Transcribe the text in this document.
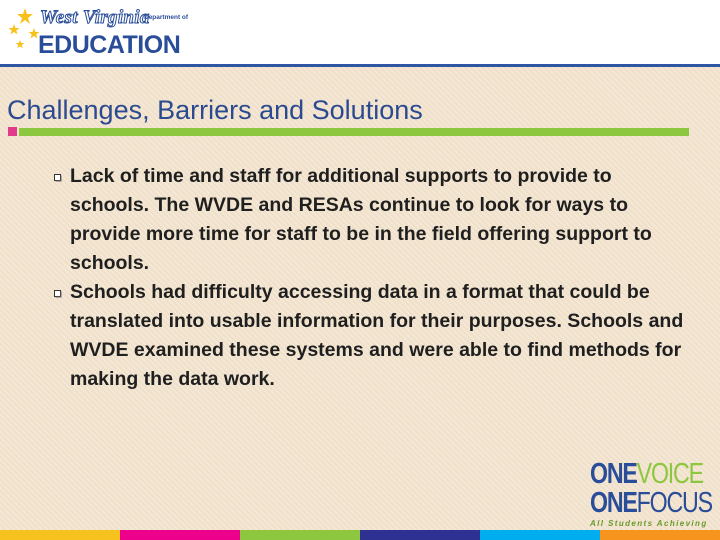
West Virginia
Department of
EDUCATION
Challenges, Barriers and Solutions
Lack of time and staff for additional supports to provide to schools. The WVDE and RESAs continue to look for ways to provide more time for staff to be in the field offering support to schools.
Schools had difficulty accessing data in a format that could be translated into usable information for their purposes. Schools and WVDE examined these systems and were able to find methods for making the data work.
ONEVOICE
ONEFOCUS
All Students Achieving
